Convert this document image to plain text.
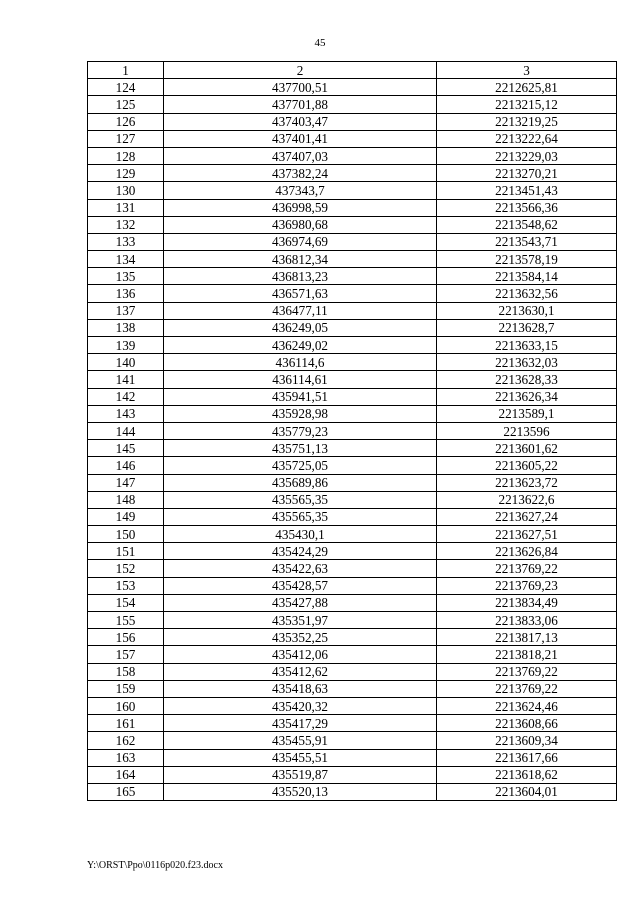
45
1	2	3
124	437700,51	2212625,81
125	437701,88	2213215,12
126	437403,47	2213219,25
127	437401,41	2213222,64
128	437407,03	2213229,03
129	437382,24	2213270,21
130	437343,7	2213451,43
131	436998,59	2213566,36
132	436980,68	2213548,62
133	436974,69	2213543,71
134	436812,34	2213578,19
135	436813,23	2213584,14
136	436571,63	2213632,56
137	436477,11	2213630,1
138	436249,05	2213628,7
139	436249,02	2213633,15
140	436114,6	2213632,03
141	436114,61	2213628,33
142	435941,51	2213626,34
143	435928,98	2213589,1
144	435779,23	2213596
145	435751,13	2213601,62
146	435725,05	2213605,22
147	435689,86	2213623,72
148	435565,35	2213622,6
149	435565,35	2213627,24
150	435430,1	2213627,51
151	435424,29	2213626,84
152	435422,63	2213769,22
153	435428,57	2213769,23
154	435427,88	2213834,49
155	435351,97	2213833,06
156	435352,25	2213817,13
157	435412,06	2213818,21
158	435412,62	2213769,22
159	435418,63	2213769,22
160	435420,32	2213624,46
161	435417,29	2213608,66
162	435455,91	2213609,34
163	435455,51	2213617,66
164	435519,87	2213618,62
165	435520,13	2213604,01
Y:\ORST\Ppo\0116p020.f23.docx
